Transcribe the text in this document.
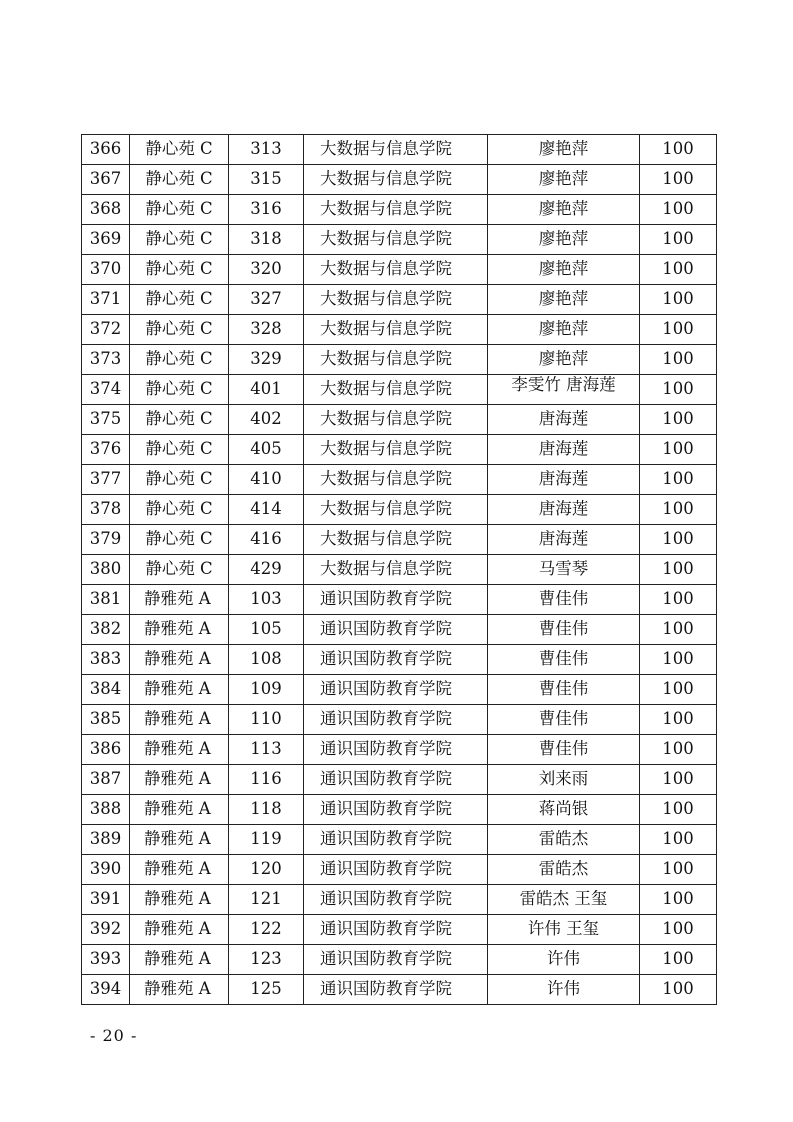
366	静心苑 C	313	大数据与信息学院	廖艳萍	100
367	静心苑 C	315	大数据与信息学院	廖艳萍	100
368	静心苑 C	316	大数据与信息学院	廖艳萍	100
369	静心苑 C	318	大数据与信息学院	廖艳萍	100
370	静心苑 C	320	大数据与信息学院	廖艳萍	100
371	静心苑 C	327	大数据与信息学院	廖艳萍	100
372	静心苑 C	328	大数据与信息学院	廖艳萍	100
373	静心苑 C	329	大数据与信息学院	廖艳萍	100
374	静心苑 C	401	大数据与信息学院	李雯竹 唐海莲	100
375	静心苑 C	402	大数据与信息学院	唐海莲	100
376	静心苑 C	405	大数据与信息学院	唐海莲	100
377	静心苑 C	410	大数据与信息学院	唐海莲	100
378	静心苑 C	414	大数据与信息学院	唐海莲	100
379	静心苑 C	416	大数据与信息学院	唐海莲	100
380	静心苑 C	429	大数据与信息学院	马雪琴	100
381	静雅苑 A	103	通识国防教育学院	曹佳伟	100
382	静雅苑 A	105	通识国防教育学院	曹佳伟	100
383	静雅苑 A	108	通识国防教育学院	曹佳伟	100
384	静雅苑 A	109	通识国防教育学院	曹佳伟	100
385	静雅苑 A	110	通识国防教育学院	曹佳伟	100
386	静雅苑 A	113	通识国防教育学院	曹佳伟	100
387	静雅苑 A	116	通识国防教育学院	刘来雨	100
388	静雅苑 A	118	通识国防教育学院	蒋尚银	100
389	静雅苑 A	119	通识国防教育学院	雷皓杰	100
390	静雅苑 A	120	通识国防教育学院	雷皓杰	100
391	静雅苑 A	121	通识国防教育学院	雷皓杰 王玺	100
392	静雅苑 A	122	通识国防教育学院	许伟 王玺	100
393	静雅苑 A	123	通识国防教育学院	许伟	100
394	静雅苑 A	125	通识国防教育学院	许伟	100
- 20 -
